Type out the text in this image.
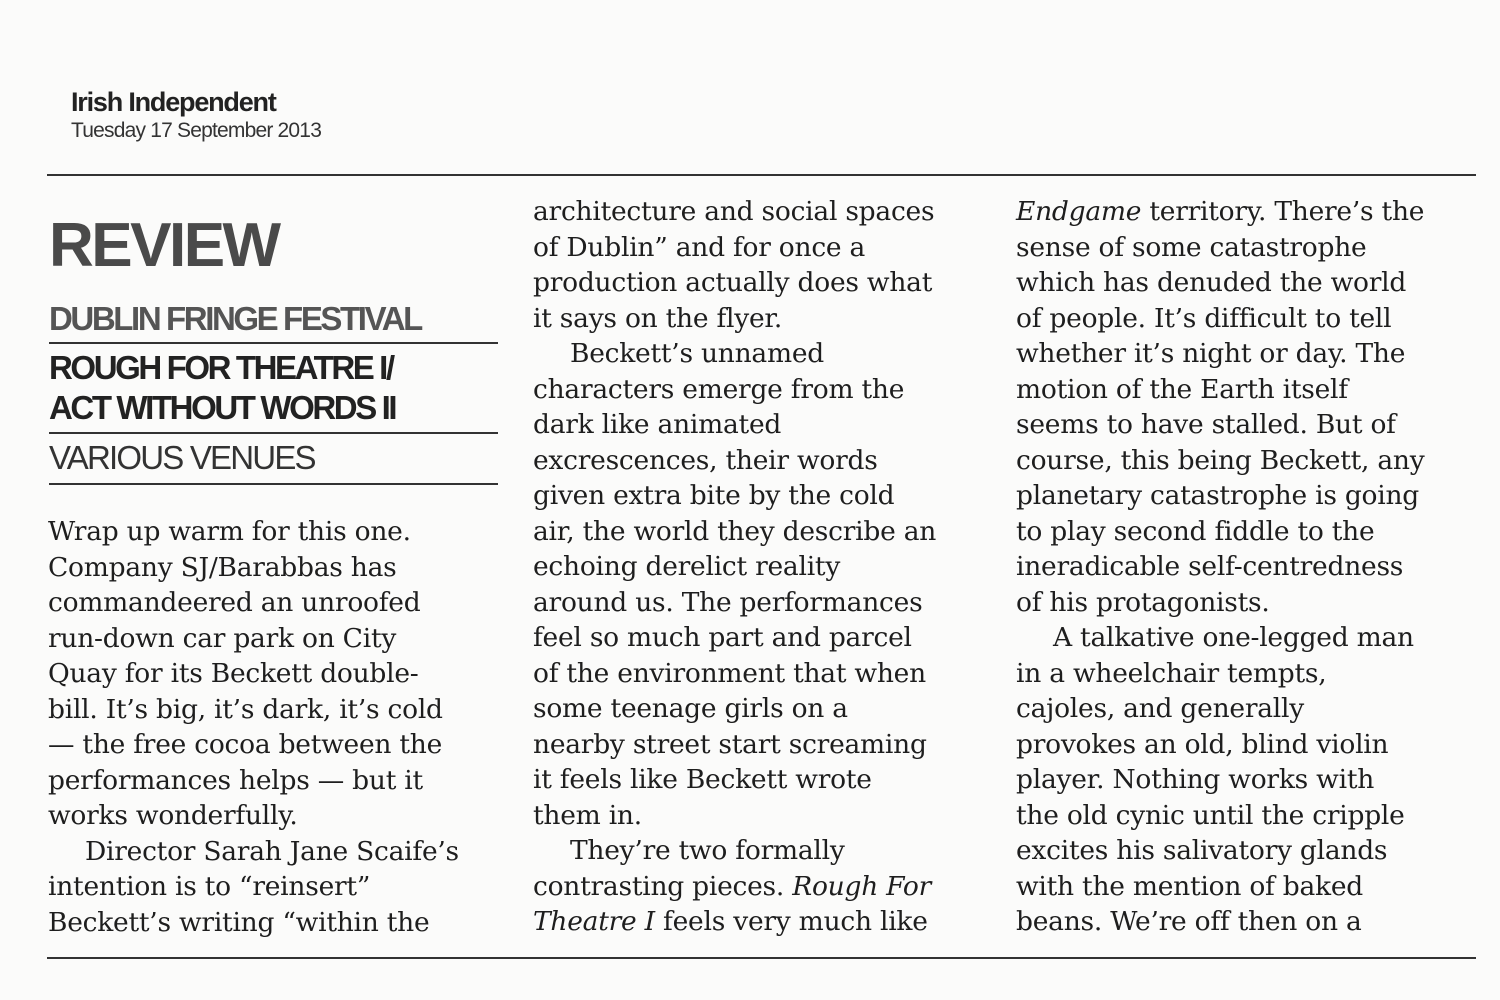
Irish Independent
Tuesday 17 September 2013
REVIEW
DUBLIN FRINGE FESTIVAL
ROUGH FOR THEATRE I/
ACT WITHOUT WORDS II
VARIOUS VENUES
Wrap up warm for this one.
Company SJ/Barabbas has
commandeered an unroofed
run-down car park on City
Quay for its Beckett double-
bill. It’s big, it’s dark, it’s cold
— the free cocoa between the
performances helps — but it
works wonderfully.
Director Sarah Jane Scaife’s
intention is to “reinsert”
Beckett’s writing “within the
architecture and social spaces
of Dublin” and for once a
production actually does what
it says on the flyer.
Beckett’s unnamed
characters emerge from the
dark like animated
excrescences, their words
given extra bite by the cold
air, the world they describe an
echoing derelict reality
around us. The performances
feel so much part and parcel
of the environment that when
some teenage girls on a
nearby street start screaming
it feels like Beckett wrote
them in.
They’re two formally
contrasting pieces. Rough For
Theatre I feels very much like
Endgame territory. There’s the
sense of some catastrophe
which has denuded the world
of people. It’s difficult to tell
whether it’s night or day. The
motion of the Earth itself
seems to have stalled. But of
course, this being Beckett, any
planetary catastrophe is going
to play second fiddle to the
ineradicable self-centredness
of his protagonists.
A talkative one-legged man
in a wheelchair tempts,
cajoles, and generally
provokes an old, blind violin
player. Nothing works with
the old cynic until the cripple
excites his salivatory glands
with the mention of baked
beans. We’re off then on a
